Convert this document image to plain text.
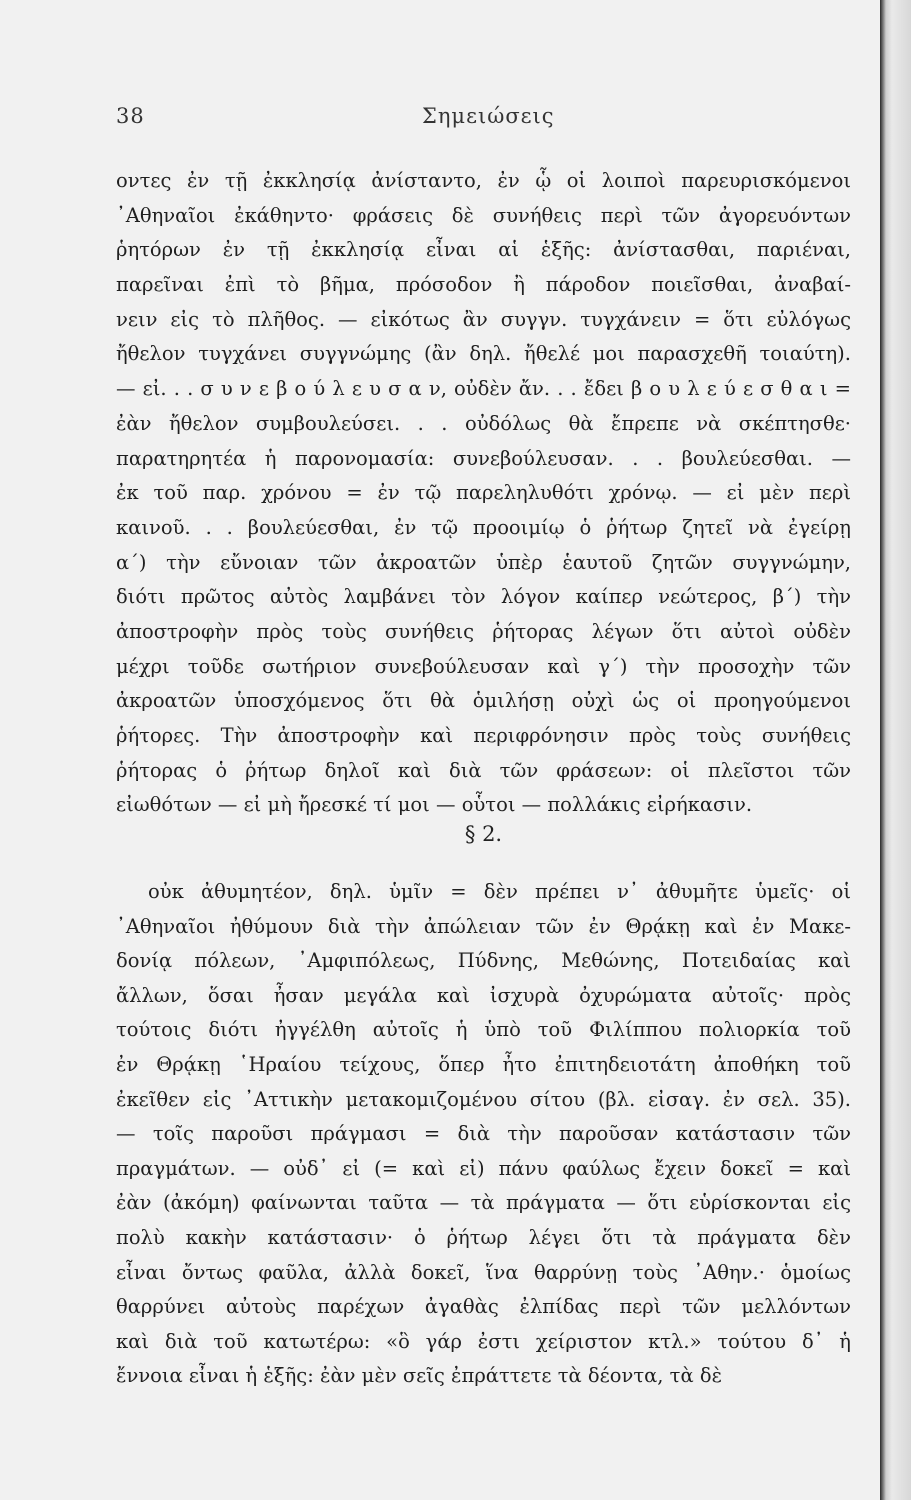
38	Σημειώσεις
οντες ἐν τῇ ἐκκλησίᾳ ἀνίσταντο, ἐν ᾧ οἱ λοιποὶ παρευρισκόμενοι
᾿Αθηναῖοι ἐκάθηντο· φράσεις δὲ συνήθεις περὶ τῶν ἀγορευόντων
ῥητόρων ἐν τῇ ἐκκλησίᾳ εἶναι αἱ ἑξῆς: ἀνίστασθαι, παριέναι,
παρεῖναι ἐπὶ τὸ βῆμα, πρόσοδον ἢ πάροδον ποιεῖσθαι, ἀναβαί-
νειν εἰς τὸ πλῆθος. — εἰκότως ἂν συγγν. τυγχάνειν = ὅτι εὐλόγως
ἤθελον τυγχάνει συγγνώμης (ἂν δηλ. ἤθελέ μοι παρασχεθῆ τοιαύτη).
— εἰ. . . σ υ ν ε β ο ύ λ ε υ σ α ν, οὐδὲν ἄν. . . ἔδει β ο υ λ ε ύ ε σ θ α ι =
ἐὰν ἤθελον συμβουλεύσει. . . οὐδόλως θὰ ἔπρεπε νὰ σκέπτησθε·
παρατηρητέα ἡ παρονομασία: συνεβούλευσαν. . . βουλεύεσθαι. —
ἐκ τοῦ παρ. χρόνου = ἐν τῷ παρεληλυθότι χρόνῳ. — εἰ μὲν περὶ
καινοῦ. . . βουλεύεσθαι, ἐν τῷ προοιμίῳ ὁ ῥήτωρ ζητεῖ νὰ ἐγείρῃ
α΄) τὴν εὔνοιαν τῶν ἀκροατῶν ὑπὲρ ἑαυτοῦ ζητῶν συγγνώμην,
διότι πρῶτος αὐτὸς λαμβάνει τὸν λόγον καίπερ νεώτερος, β΄) τὴν
ἀποστροφὴν πρὸς τοὺς συνήθεις ῥήτορας λέγων ὅτι αὐτοὶ οὐδὲν
μέχρι τοῦδε σωτήριον συνεβούλευσαν καὶ γ΄) τὴν προσοχὴν τῶν
ἀκροατῶν ὑποσχόμενος ὅτι θὰ ὁμιλήσῃ οὐχὶ ὡς οἱ προηγούμενοι
ῥήτορες. Τὴν ἀποστροφὴν καὶ περιφρόνησιν πρὸς τοὺς συνήθεις
ῥήτορας ὁ ῥήτωρ δηλοῖ καὶ διὰ τῶν φράσεων: οἱ πλεῖστοι τῶν
εἰωθότων — εἰ μὴ ἤρεσκέ τί μοι — οὗτοι — πολλάκις εἰρήκασιν.
§ 2.
οὐκ ἀθυμητέον, δηλ. ὑμῖν = δὲν πρέπει ν᾿ ἀθυμῆτε ὑμεῖς· οἱ
᾿Αθηναῖοι ἠθύμουν διὰ τὴν ἀπώλειαν τῶν ἐν Θρᾴκῃ καὶ ἐν Μακε-
δονίᾳ πόλεων, ᾿Αμφιπόλεως, Πύδνης, Μεθώνης, Ποτειδαίας καὶ
ἄλλων, ὅσαι ἦσαν μεγάλα καὶ ἰσχυρὰ ὀχυρώματα αὐτοῖς· πρὸς
τούτοις διότι ἠγγέλθη αὐτοῖς ἡ ὑπὸ τοῦ Φιλίππου πολιορκία τοῦ
ἐν Θρᾴκῃ ῾Ηραίου τείχους, ὅπερ ἦτο ἐπιτηδειοτάτη ἀποθήκη τοῦ
ἐκεῖθεν εἰς ᾿Αττικὴν μετακομιζομένου σίτου (βλ. εἰσαγ. ἐν σελ. 35).
— τοῖς παροῦσι πράγμασι = διὰ τὴν παροῦσαν κατάστασιν τῶν
πραγμάτων. — οὐδ᾿ εἰ (= καὶ εἰ) πάνυ φαύλως ἔχειν δοκεῖ = καὶ
ἐὰν (ἀκόμη) φαίνωνται ταῦτα — τὰ πράγματα — ὅτι εὑρίσκονται εἰς
πολὺ κακὴν κατάστασιν· ὁ ῥήτωρ λέγει ὅτι τὰ πράγματα δὲν
εἶναι ὄντως φαῦλα, ἀλλὰ δοκεῖ, ἵνα θαρρύνῃ τοὺς ᾿Αθην.· ὁμοίως
θαρρύνει αὐτοὺς παρέχων ἀγαθὰς ἐλπίδας περὶ τῶν μελλόντων
καὶ διὰ τοῦ κατωτέρω: «ὃ γάρ ἐστι χείριστον κτλ.» τούτου δ᾿ ἡ
ἔννοια εἶναι ἡ ἑξῆς: ἐὰν μὲν σεῖς ἐπράττετε τὰ δέοντα, τὰ δὲ
